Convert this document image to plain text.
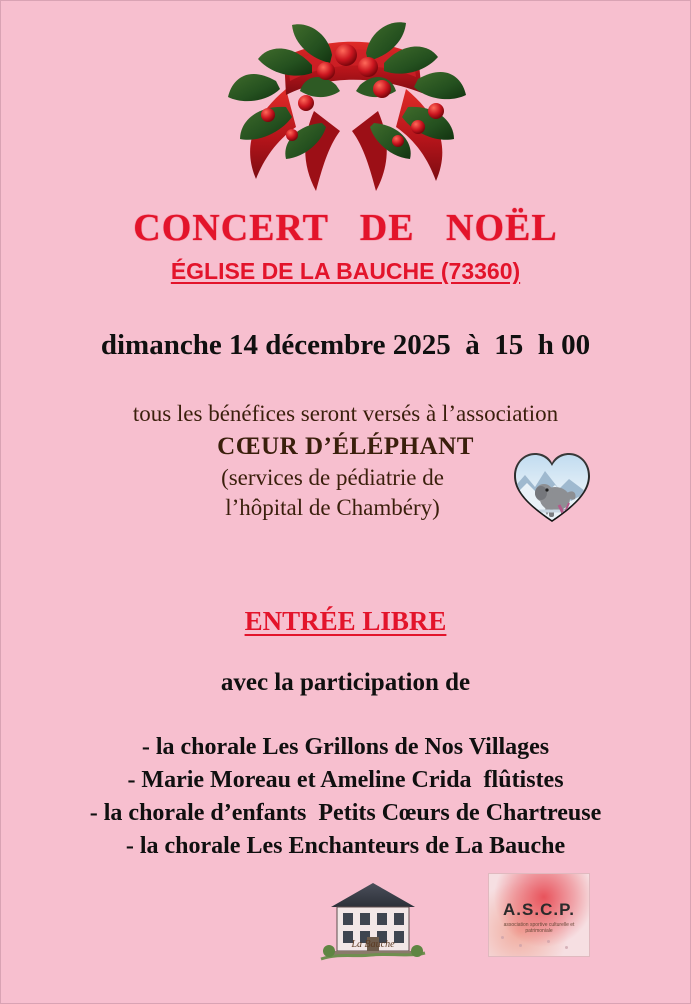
CONCERT   DE   NOËL
ÉGLISE DE LA BAUCHE (73360)
dimanche 14 décembre 2025  à  15  h 00

tous les bénéfices seront versés à l’association

CŒUR D’ÉLÉPHANT

(services de pédiatrie de

l’hôpital de Chambéry)

ENTRÉE LIBRE
avec la participation de

- la chorale Les Grillons de Nos Villages

- Marie Moreau et Ameline Crida  flûtistes

- la chorale d’enfants  Petits Cœurs de Chartreuse

- la chorale Les Enchanteurs de La Bauche

La Bauche
A.S.C.P.
association sportive culturelle et patrimoniale
